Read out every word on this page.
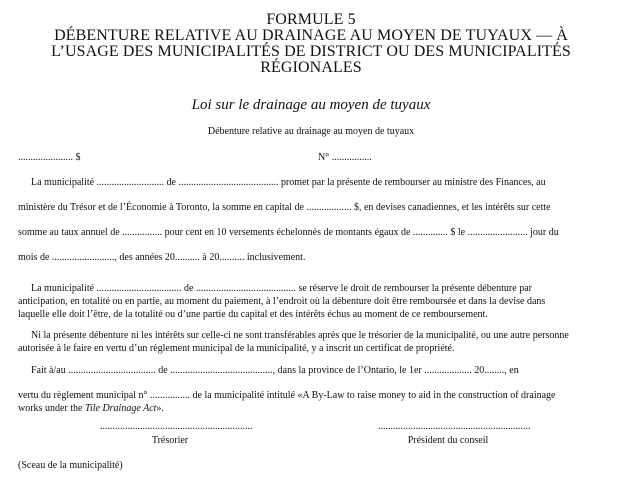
FORMULE 5
DÉBENTURE RELATIVE AU DRAINAGE AU MOYEN DE TUYAUX — À
L’USAGE DES MUNICIPALITÉS DE DISTRICT OU DES MUNICIPALITÉS
RÉGIONALES
Loi sur le drainage au moyen de tuyaux
Débenture relative au drainage au moyen de tuyaux
...................... $	N° ................
La municipalité ........................... de ........................................ promet par la présente de rembourser au ministre des Finances, au
ministère du Trésor et de l’Économie à Toronto, la somme en capital de .................. $, en devises canadiennes, et les intérêts sur cette
somme au taux annuel de ................ pour cent en 10 versements échelonnés de montants égaux de .............. $ le ........................ jour du
mois de ........................., des années 20.......... à 20.......... inclusivement.
La municipalité .................................. de ........................................ se réserve le droit de rembourser la présente débenture par
anticipation, en totalité ou en partie, au moment du paiement, à l’endroit où la débenture doit être remboursée et dans la devise dans
laquelle elle doit l’être, de la totalité ou d’une partie du capital et des intérêts échus au moment de ce remboursement.
Ni la présente débenture ni les intérêts sur celle-ci ne sont transférables après que le trésorier de la municipalité, ou une autre personne
autorisée à le faire en vertu d’un règlement municipal de la municipalité, y a inscrit un certificat de propriété.
Fait à/au ................................... de ........................................., dans la province de l’Ontario, le 1er ................... 20........, en
vertu du règlement municipal n° ................ de la municipalité intitulé «A By-Law to raise money to aid in the construction of drainage
works under the Tile Drainage Act».
.............................................................
Trésorier
.............................................................
Président du conseil
(Sceau de la municipalité)
